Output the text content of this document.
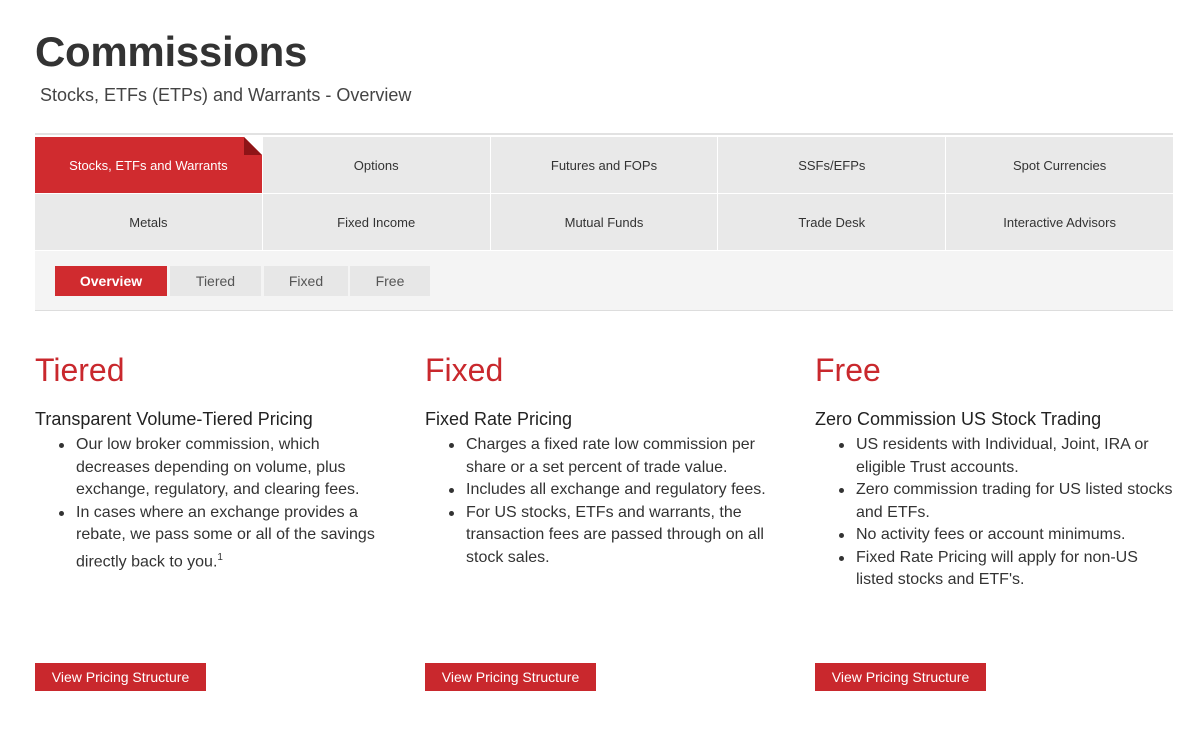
Commissions
Stocks, ETFs (ETPs) and Warrants - Overview
Stocks, ETFs and Warrants	Options	Futures and FOPs	SSFs/EFPs	Spot Currencies
Metals	Fixed Income	Mutual Funds	Trade Desk	Interactive Advisors
Overview	Tiered	Fixed	Free
Tiered
Transparent Volume-Tiered Pricing
Our low broker commission, which decreases depending on volume, plus exchange, regulatory, and clearing fees.
In cases where an exchange provides a rebate, we pass some or all of the savings directly back to you.$^1$
Fixed
Fixed Rate Pricing
Charges a fixed rate low commission per share or a set percent of trade value.
Includes all exchange and regulatory fees.
For US stocks, ETFs and warrants, the transaction fees are passed through on all stock sales.
Free
Zero Commission US Stock Trading
US residents with Individual, Joint, IRA or eligible Trust accounts.
Zero commission trading for US listed stocks and ETFs.
No activity fees or account minimums.
Fixed Rate Pricing will apply for non-US listed stocks and ETF's.
View Pricing Structure	View Pricing Structure	View Pricing Structure
